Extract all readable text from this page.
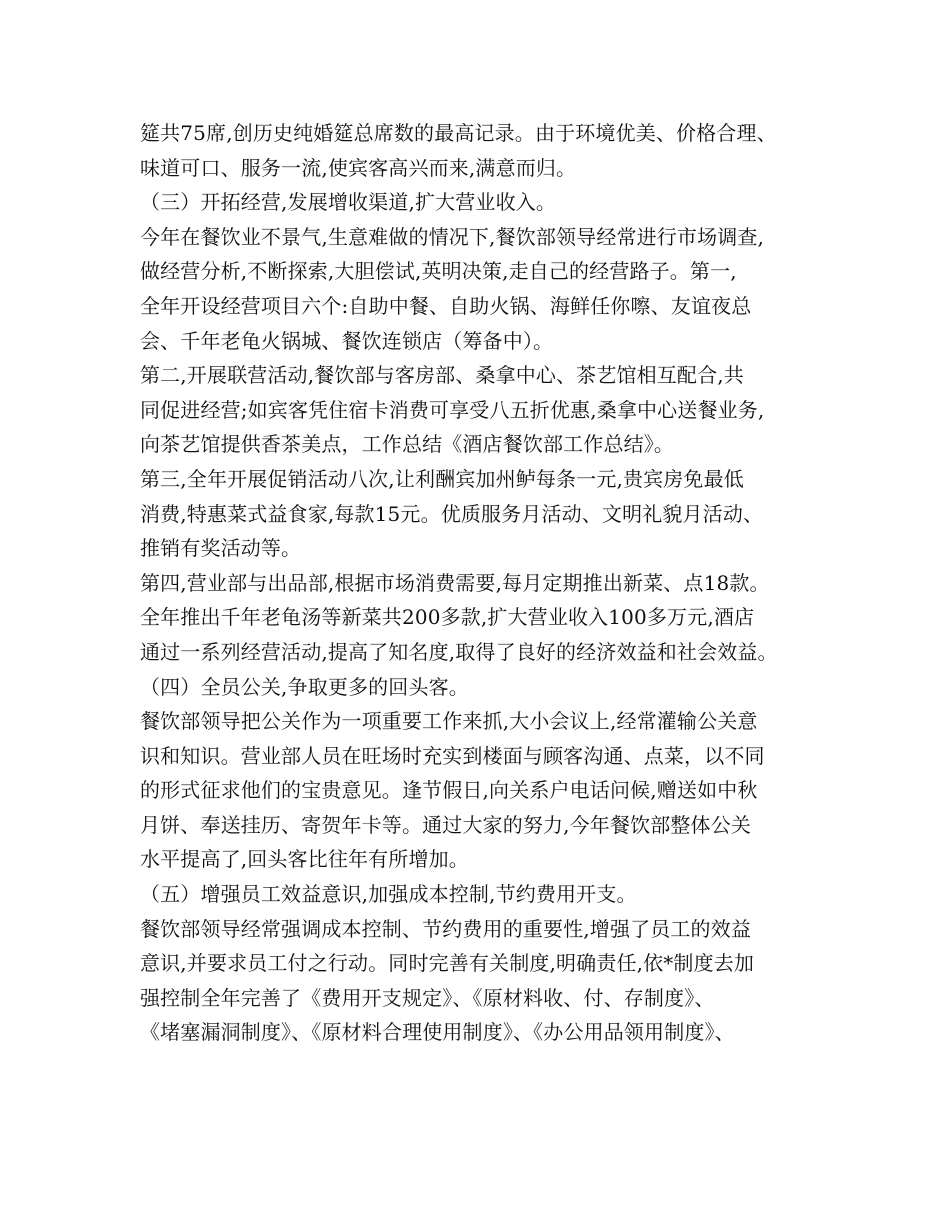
筵共75席,创历史纯婚筵总席数的最高记录。由于环境优美、价格合理、
味道可口、服务一流,使宾客高兴而来,满意而归。
（三）开拓经营,发展增收渠道,扩大营业收入。
今年在餐饮业不景气,生意难做的情况下,餐饮部领导经常进行市场调查,
做经营分析,不断探索,大胆偿试,英明决策,走自己的经营路子。第一,
全年开设经营项目六个:自助中餐、自助火锅、海鲜任你嚓、友谊夜总
会、千年老龟火锅城、餐饮连锁店（筹备中）。
第二,开展联营活动,餐饮部与客房部、桑拿中心、茶艺馆相互配合,共
同促进经营;如宾客凭住宿卡消费可享受八五折优惠,桑拿中心送餐业务,
向茶艺馆提供香茶美点，工作总结《酒店餐饮部工作总结》。
第三,全年开展促销活动八次,让利酬宾加州鲈每条一元,贵宾房免最低
消费,特惠菜式益食家,每款15元。优质服务月活动、文明礼貌月活动、
推销有奖活动等。
第四,营业部与出品部,根据市场消费需要,每月定期推出新菜、点18款。
全年推出千年老龟汤等新菜共200多款,扩大营业收入100多万元,酒店
通过一系列经营活动,提高了知名度,取得了良好的经济效益和社会效益。
（四）全员公关,争取更多的回头客。
餐饮部领导把公关作为一项重要工作来抓,大小会议上,经常灌输公关意
识和知识。营业部人员在旺场时充实到楼面与顾客沟通、点菜，以不同
的形式征求他们的宝贵意见。逢节假日,向关系户电话问候,赠送如中秋
月饼、奉送挂历、寄贺年卡等。通过大家的努力,今年餐饮部整体公关
水平提高了,回头客比往年有所增加。
（五）增强员工效益意识,加强成本控制,节约费用开支。
餐饮部领导经常强调成本控制、节约费用的重要性,增强了员工的效益
意识,并要求员工付之行动。同时完善有关制度,明确责任,依*制度去加
强控制全年完善了《费用开支规定》、《原材料收、付、存制度》、
《堵塞漏洞制度》、《原材料合理使用制度》、《办公用品领用制度》、
